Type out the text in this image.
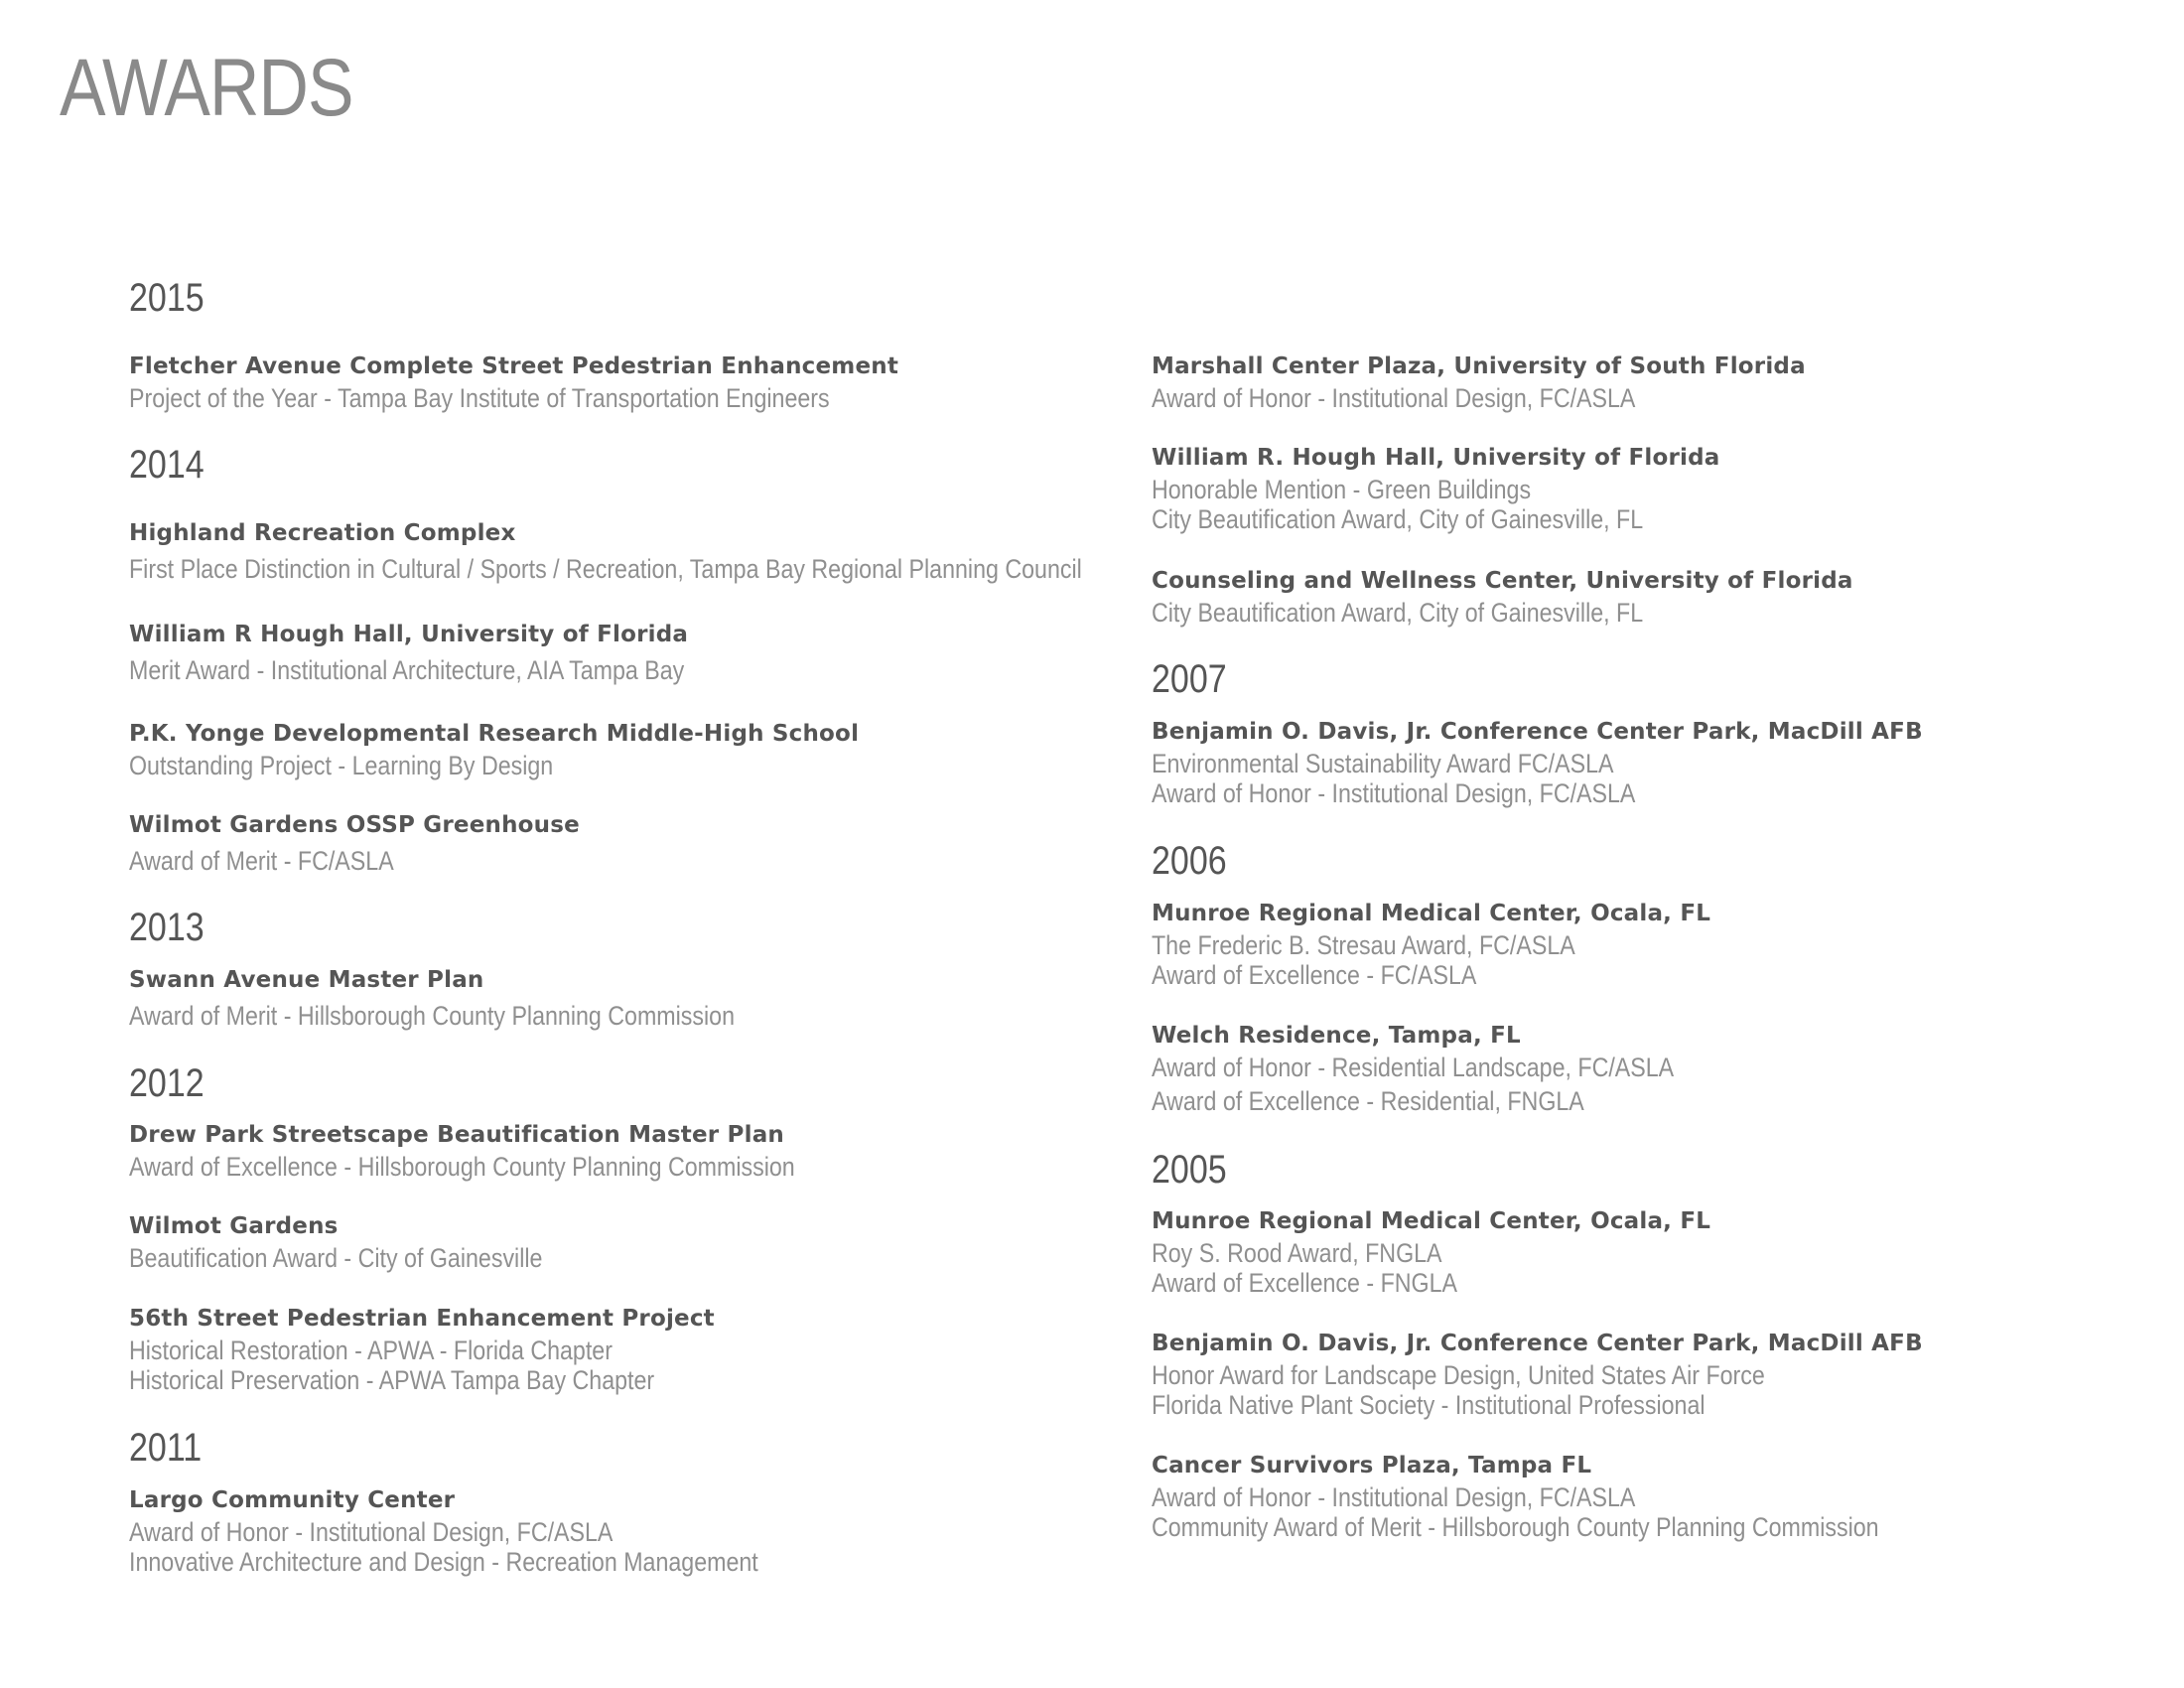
AWARDS
2015
Fletcher Avenue Complete Street Pedestrian Enhancement
Project of the Year - Tampa Bay Institute of Transportation Engineers
2014
Highland Recreation Complex
First Place Distinction in Cultural / Sports / Recreation, Tampa Bay Regional Planning Council
William R Hough Hall, University of Florida
Merit Award - Institutional Architecture, AIA Tampa Bay
P.K. Yonge Developmental Research Middle-High School
Outstanding Project - Learning By Design
Wilmot Gardens OSSP Greenhouse
Award of Merit - FC/ASLA
2013
Swann Avenue Master Plan
Award of Merit - Hillsborough County Planning Commission
2012
Drew Park Streetscape Beautification Master Plan
Award of Excellence - Hillsborough County Planning Commission
Wilmot Gardens
Beautification Award - City of Gainesville
56th Street Pedestrian Enhancement Project
Historical Restoration - APWA - Florida Chapter
Historical Preservation - APWA Tampa Bay Chapter
2011
Largo Community Center
Award of Honor - Institutional Design, FC/ASLA
Innovative Architecture and Design - Recreation Management
Marshall Center Plaza, University of South Florida
Award of Honor - Institutional Design, FC/ASLA
William R. Hough Hall, University of Florida
Honorable Mention - Green Buildings
City Beautification Award, City of Gainesville, FL
Counseling and Wellness Center, University of Florida
City Beautification Award, City of Gainesville, FL
2007
Benjamin O. Davis, Jr. Conference Center Park, MacDill AFB
Environmental Sustainability Award FC/ASLA
Award of Honor - Institutional Design, FC/ASLA
2006
Munroe Regional Medical Center, Ocala, FL
The Frederic B. Stresau Award, FC/ASLA
Award of Excellence - FC/ASLA
Welch Residence, Tampa, FL
Award of Honor - Residential Landscape, FC/ASLA
Award of Excellence - Residential, FNGLA
2005
Munroe Regional Medical Center, Ocala, FL
Roy S. Rood Award, FNGLA
Award of Excellence - FNGLA
Benjamin O. Davis, Jr. Conference Center Park, MacDill AFB
Honor Award for Landscape Design, United States Air Force
Florida Native Plant Society - Institutional Professional
Cancer Survivors Plaza, Tampa FL
Award of Honor - Institutional Design, FC/ASLA
Community Award of Merit - Hillsborough County Planning Commission
